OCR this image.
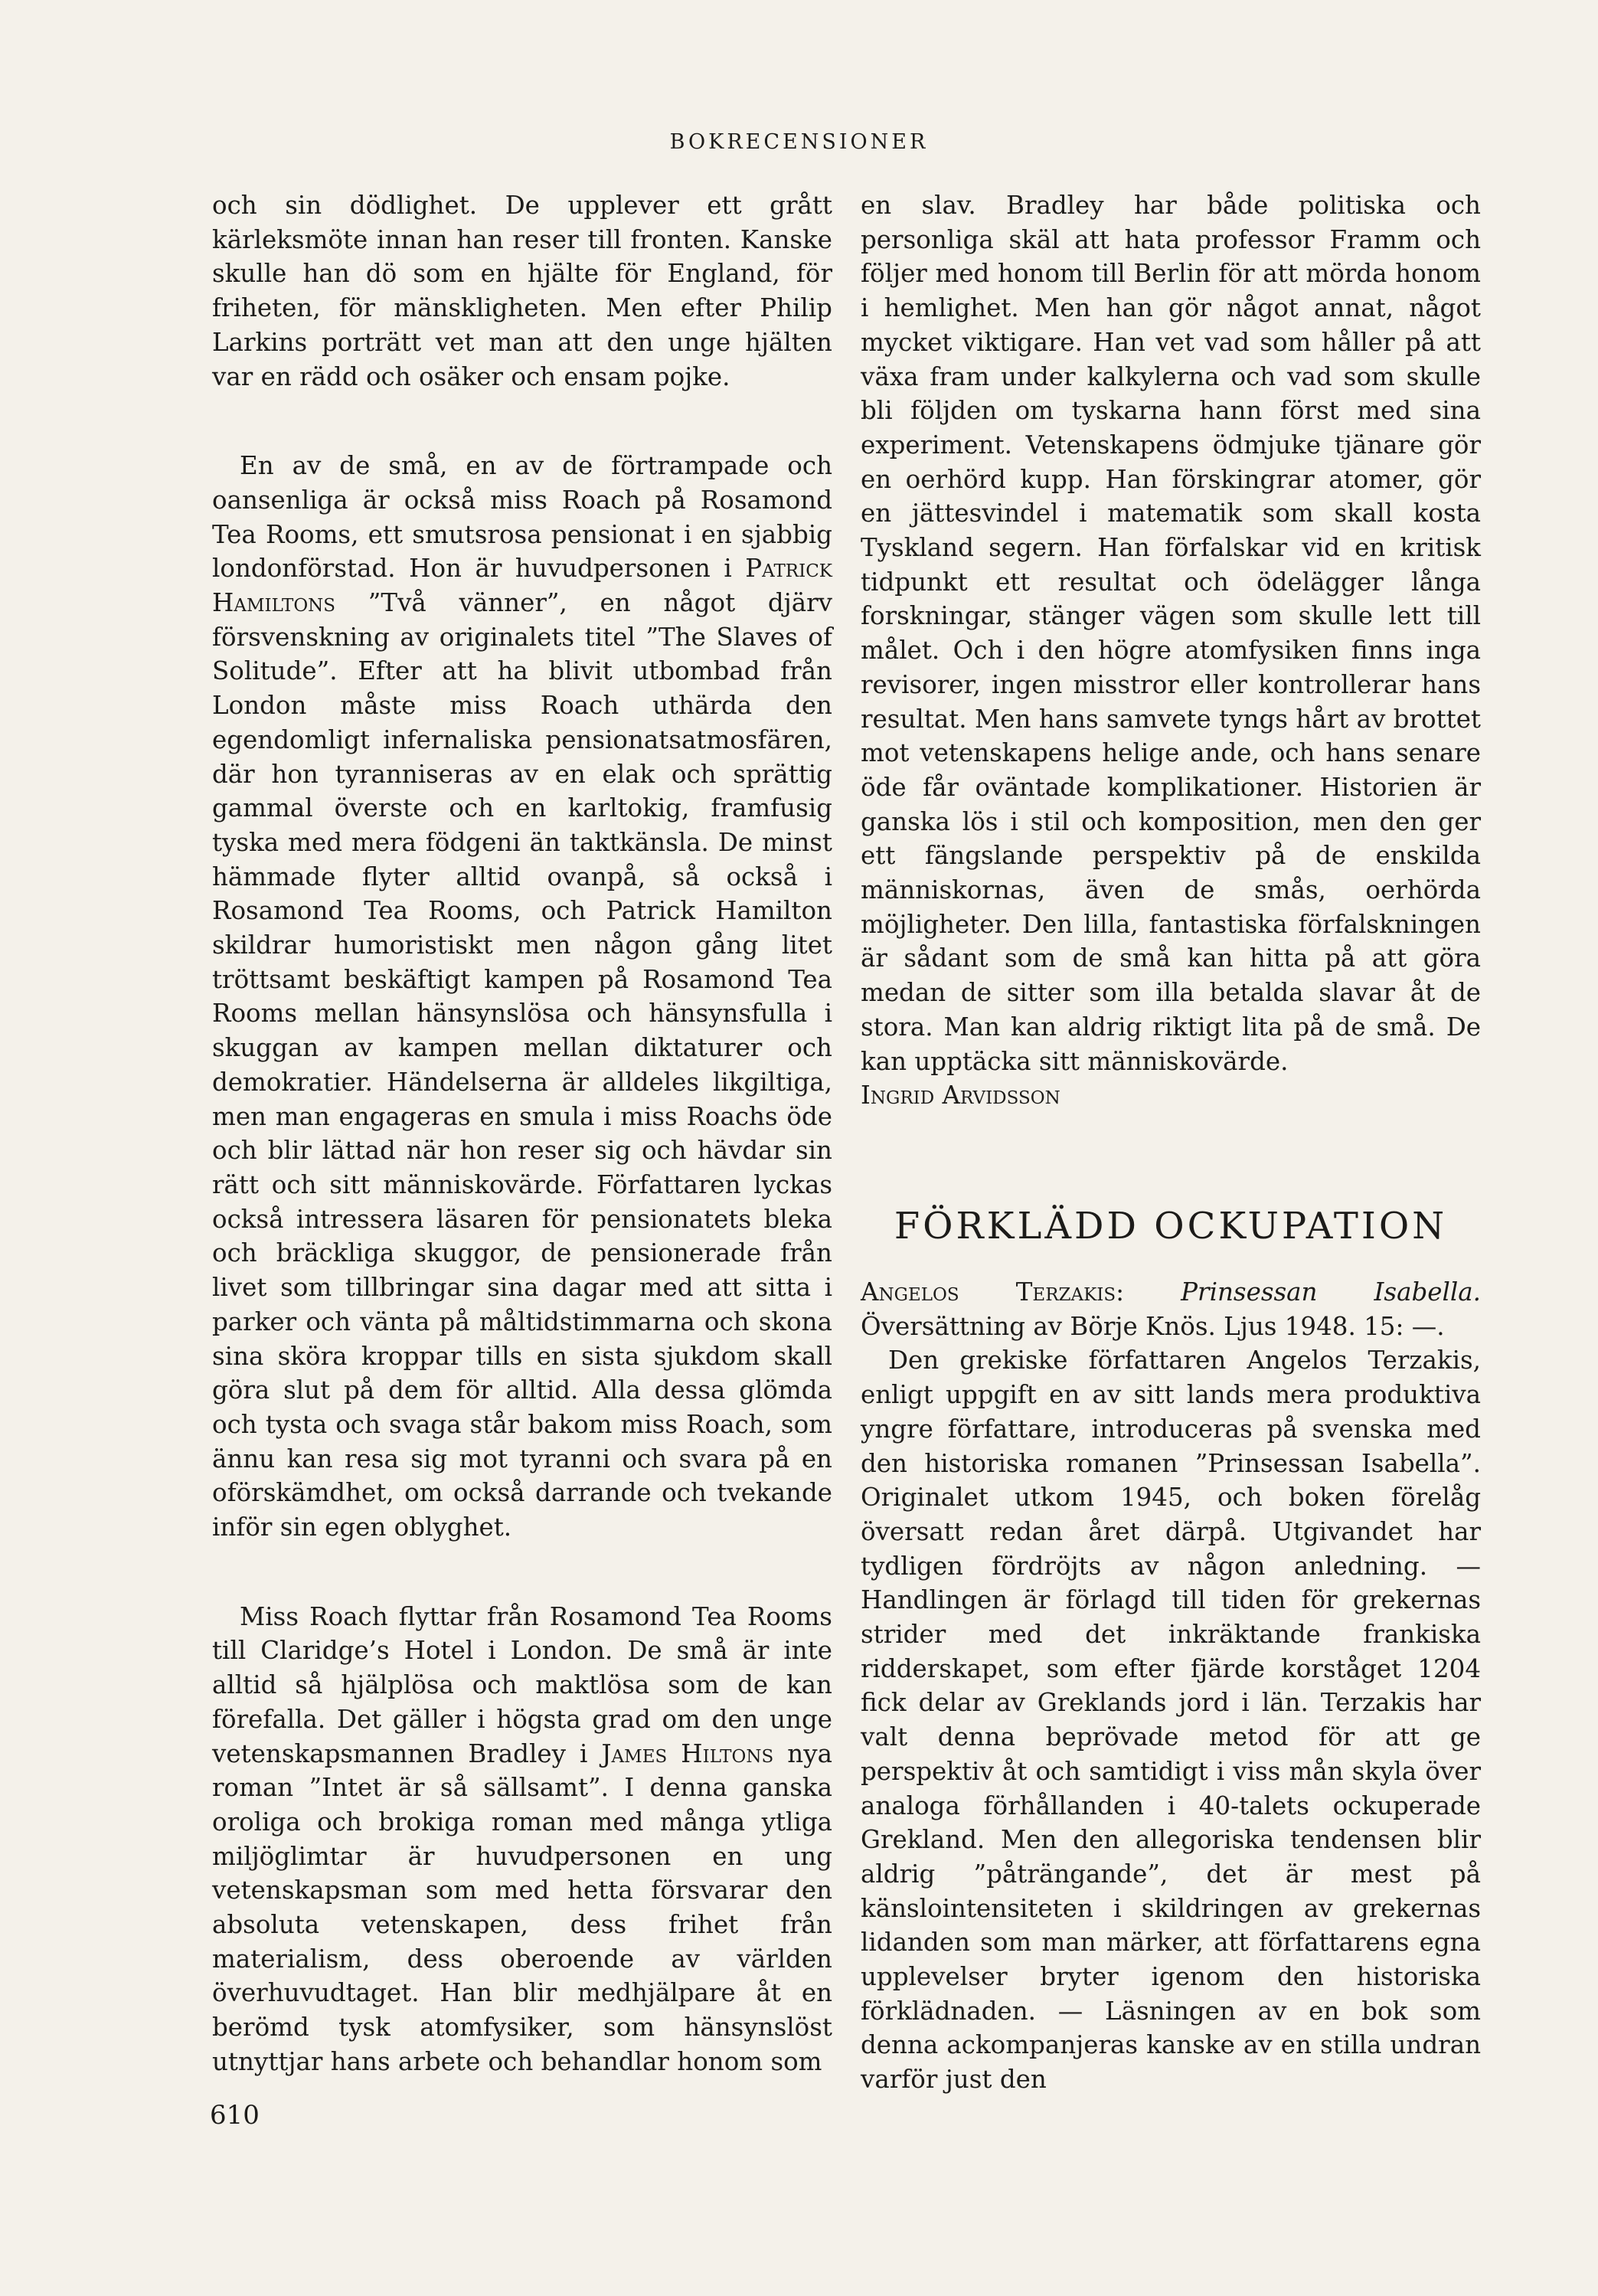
BOKRECENSIONER

och sin dödlighet. De upplever ett grått kärleksmöte innan han reser till fronten. Kanske skulle han dö som en hjälte för England, för friheten, för mänskligheten. Men efter Philip Larkins porträtt vet man att den unge hjälten var en rädd och osäker och ensam pojke.

En av de små, en av de förtrampade och oansenliga är också miss Roach på Rosamond Tea Rooms, ett smutsrosa pensionat i en sjabbig londonförstad. Hon är huvudpersonen i Patrick Hamiltons ”Två vänner”, en något djärv försvenskning av originalets titel ”The Slaves of Solitude”. Efter att ha blivit utbombad från London måste miss Roach uthärda den egendomligt infernaliska pensionatsatmosfären, där hon tyranniseras av en elak och sprättig gammal överste och en karltokig, framfusig tyska med mera födgeni än taktkänsla. De minst hämmade flyter alltid ovanpå, så också i Rosamond Tea Rooms, och Patrick Hamilton skildrar humoristiskt men någon gång litet tröttsamt beskäftigt kampen på Rosamond Tea Rooms mellan hänsynslösa och hänsynsfulla i skuggan av kampen mellan diktaturer och demokratier. Händelserna är alldeles likgiltiga, men man engageras en smula i miss Roachs öde och blir lättad när hon reser sig och hävdar sin rätt och sitt människovärde. Författaren lyckas också intressera läsaren för pensionatets bleka och bräckliga skuggor, de pensionerade från livet som tillbringar sina dagar med att sitta i parker och vänta på måltidstimmarna och skona sina sköra kroppar tills en sista sjukdom skall göra slut på dem för alltid. Alla dessa glömda och tysta och svaga står bakom miss Roach, som ännu kan resa sig mot tyranni och svara på en oförskämdhet, om också darrande och tvekande inför sin egen oblyghet.

Miss Roach flyttar från Rosamond Tea Rooms till Claridge’s Hotel i London. De små är inte alltid så hjälplösa och maktlösa som de kan förefalla. Det gäller i högsta grad om den unge vetenskapsmannen Bradley i James Hiltons nya roman ”Intet är så sällsamt”. I denna ganska oroliga och brokiga roman med många ytliga miljöglimtar är huvudpersonen en ung vetenskapsman som med hetta försvarar den absoluta vetenskapen, dess frihet från materialism, dess oberoende av världen överhuvudtaget. Han blir medhjälpare åt en berömd tysk atomfysiker, som hänsynslöst utnyttjar hans arbete och behandlar honom som

en slav. Bradley har både politiska och personliga skäl att hata professor Framm och följer med honom till Berlin för att mörda honom i hemlighet. Men han gör något annat, något mycket viktigare. Han vet vad som håller på att växa fram under kalkylerna och vad som skulle bli följden om tyskarna hann först med sina experiment. Vetenskapens ödmjuke tjänare gör en oerhörd kupp. Han förskingrar atomer, gör en jättesvindel i matematik som skall kosta Tyskland segern. Han förfalskar vid en kritisk tidpunkt ett resultat och ödelägger långa forskningar, stänger vägen som skulle lett till målet. Och i den högre atomfysiken finns inga revisorer, ingen misstror eller kontrollerar hans resultat. Men hans samvete tyngs hårt av brottet mot vetenskapens helige ande, och hans senare öde får oväntade komplikationer. Historien är ganska lös i stil och komposition, men den ger ett fängslande perspektiv på de enskilda människornas, även de smås, oerhörda möjligheter. Den lilla, fantastiska förfalskningen är sådant som de små kan hitta på att göra medan de sitter som illa betalda slavar åt de stora. Man kan aldrig riktigt lita på de små. De kan upptäcka sitt människovärde.

Ingrid Arvidsson

FÖRKLÄDD OCKUPATION

Angelos Terzakis: Prinsessan Isabella. Översättning av Börje Knös. Ljus 1948. 15: —.

Den grekiske författaren Angelos Terzakis, enligt uppgift en av sitt lands mera produktiva yngre författare, introduceras på svenska med den historiska romanen ”Prinsessan Isabella”. Originalet utkom 1945, och boken förelåg översatt redan året därpå. Utgivandet har tydligen fördröjts av någon anledning. — Handlingen är förlagd till tiden för grekernas strider med det inkräktande frankiska ridderskapet, som efter fjärde korståget 1204 fick delar av Greklands jord i län. Terzakis har valt denna beprövade metod för att ge perspektiv åt och samtidigt i viss mån skyla över analoga förhållanden i 40-talets ockuperade Grekland. Men den allegoriska tendensen blir aldrig ”påträngande”, det är mest på känslointensiteten i skildringen av grekernas lidanden som man märker, att författarens egna upplevelser bryter igenom den historiska förklädnaden. — Läsningen av en bok som denna ackompanjeras kanske av en stilla undran varför just den

610
